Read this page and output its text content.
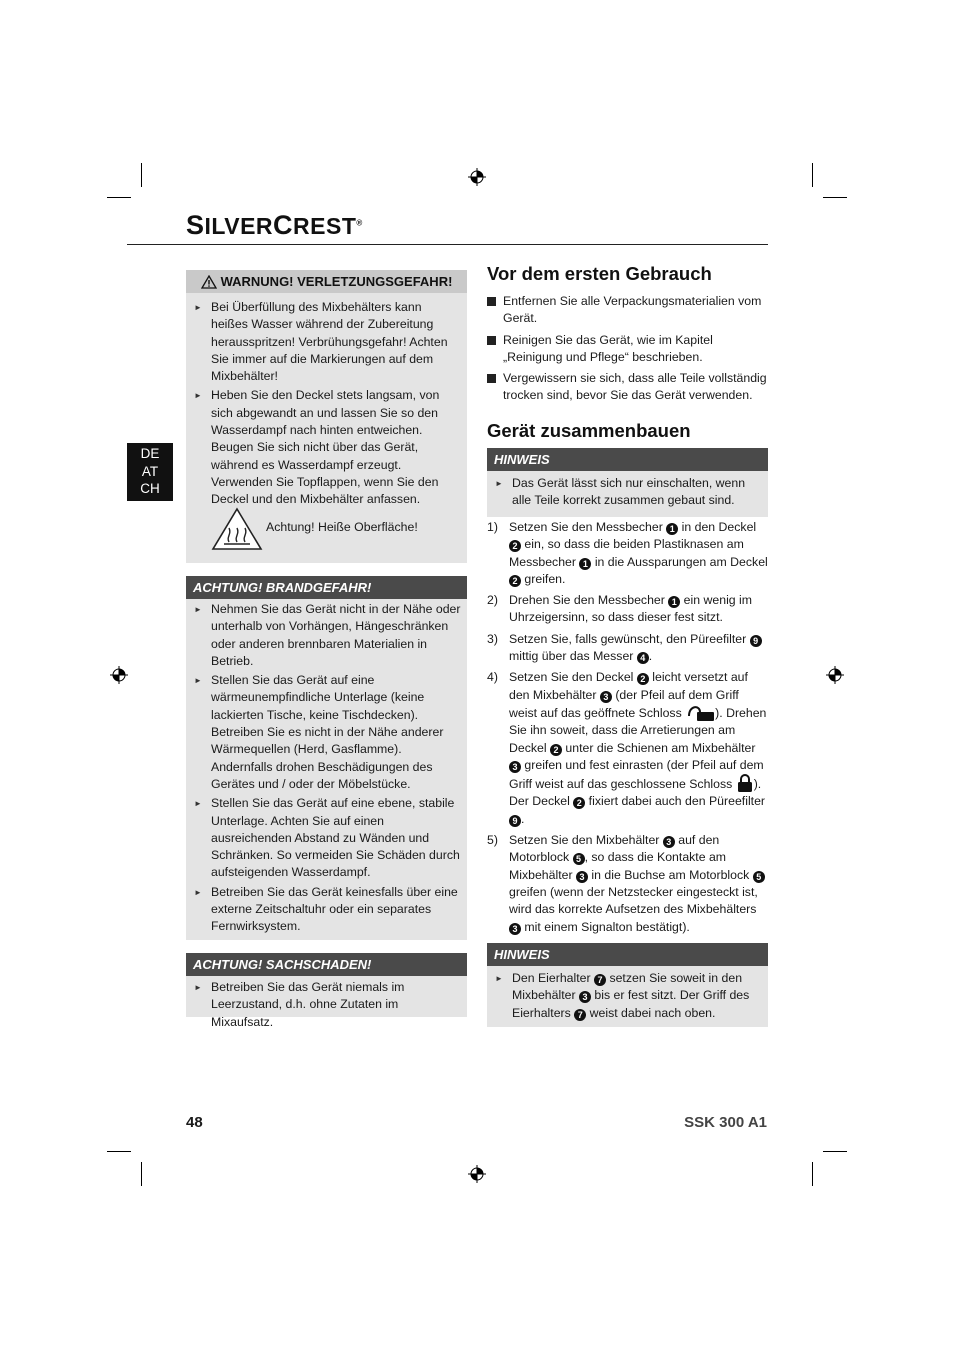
SILVERCREST®
DE
AT
CH
WARNUNG! VERLETZUNGSGEFAHR!
► Bei Überfüllung des Mixbehälters kann heißes Wasser während der Zubereitung herausspritzen! Verbrühungsgefahr! Achten Sie immer auf die Markierungen auf dem Mixbehälter!
► Heben Sie den Deckel stets langsam, von sich abgewandt an und lassen Sie so den Wasserdampf nach hinten entweichen. Beugen Sie sich nicht über das Gerät, während es Wasserdampf erzeugt. Verwenden Sie Topflappen, wenn Sie den Deckel und den Mixbehälter anfassen.
Achtung! Heiße Oberfläche!
ACHTUNG! BRANDGEFAHR!
► Nehmen Sie das Gerät nicht in der Nähe oder unterhalb von Vorhängen, Hängeschränken oder anderen brennbaren Materialien in Betrieb.
► Stellen Sie das Gerät auf eine wärmeunempfindliche Unterlage (keine lackierten Tische, keine Tischdecken). Betreiben Sie es nicht in der Nähe anderer Wärmequellen (Herd, Gasflamme). Andernfalls drohen Beschädigungen des Gerätes und / oder der Möbelstücke.
► Stellen Sie das Gerät auf eine ebene, stabile Unterlage. Achten Sie auf einen ausreichenden Abstand zu Wänden und Schränken. So vermeiden Sie Schäden durch aufsteigenden Wasserdampf.
► Betreiben Sie das Gerät keinesfalls über eine externe Zeitschaltuhr oder ein separates Fernwirksystem.
ACHTUNG! SACHSCHADEN!
► Betreiben Sie das Gerät niemals im Leerzustand, d.h. ohne Zutaten im Mixaufsatz.
Vor dem ersten Gebrauch
Entfernen Sie alle Verpackungsmaterialien vom Gerät.
Reinigen Sie das Gerät, wie im Kapitel „Reinigung und Pflege“ beschrieben.
Vergewissern sie sich, dass alle Teile vollständig trocken sind, bevor Sie das Gerät verwenden.
Gerät zusammenbauen
HINWEIS
► Das Gerät lässt sich nur einschalten, wenn alle Teile korrekt zusammen gebaut sind.
1) Setzen Sie den Messbecher 1 in den Deckel 2 ein, so dass die beiden Plastiknasen am Messbecher 1 in die Aussparungen am Deckel 2 greifen.
2) Drehen Sie den Messbecher 1 ein wenig im Uhrzeigersinn, so dass dieser fest sitzt.
3) Setzen Sie, falls gewünscht, den Püreefilter 9 mittig über das Messer 4 .
4) Setzen Sie den Deckel 2 leicht versetzt auf den Mixbehälter 3 (der Pfeil auf dem Griff weist auf das geöffnete Schloss ). Drehen Sie ihn soweit, dass die Arretierungen am Deckel 2 unter die Schienen am Mixbehälter 3 greifen und fest einrasten (der Pfeil auf dem Griff weist auf das geschlossene Schloss ). Der Deckel 2 fixiert dabei auch den Püreefilter 9 .
5) Setzen Sie den Mixbehälter 3 auf den Motorblock 5 , so dass die Kontakte am Mixbehälter 3 in die Buchse am Motorblock 5 greifen (wenn der Netzstecker eingesteckt ist, wird das korrekte Aufsetzen des Mixbehälters 3 mit einem Signalton bestätigt).
HINWEIS
► Den Eierhalter 7 setzen Sie soweit in den Mixbehälter 3 bis er fest sitzt. Der Griff des Eierhalters 7 weist dabei nach oben.
48	SSK 300 A1
